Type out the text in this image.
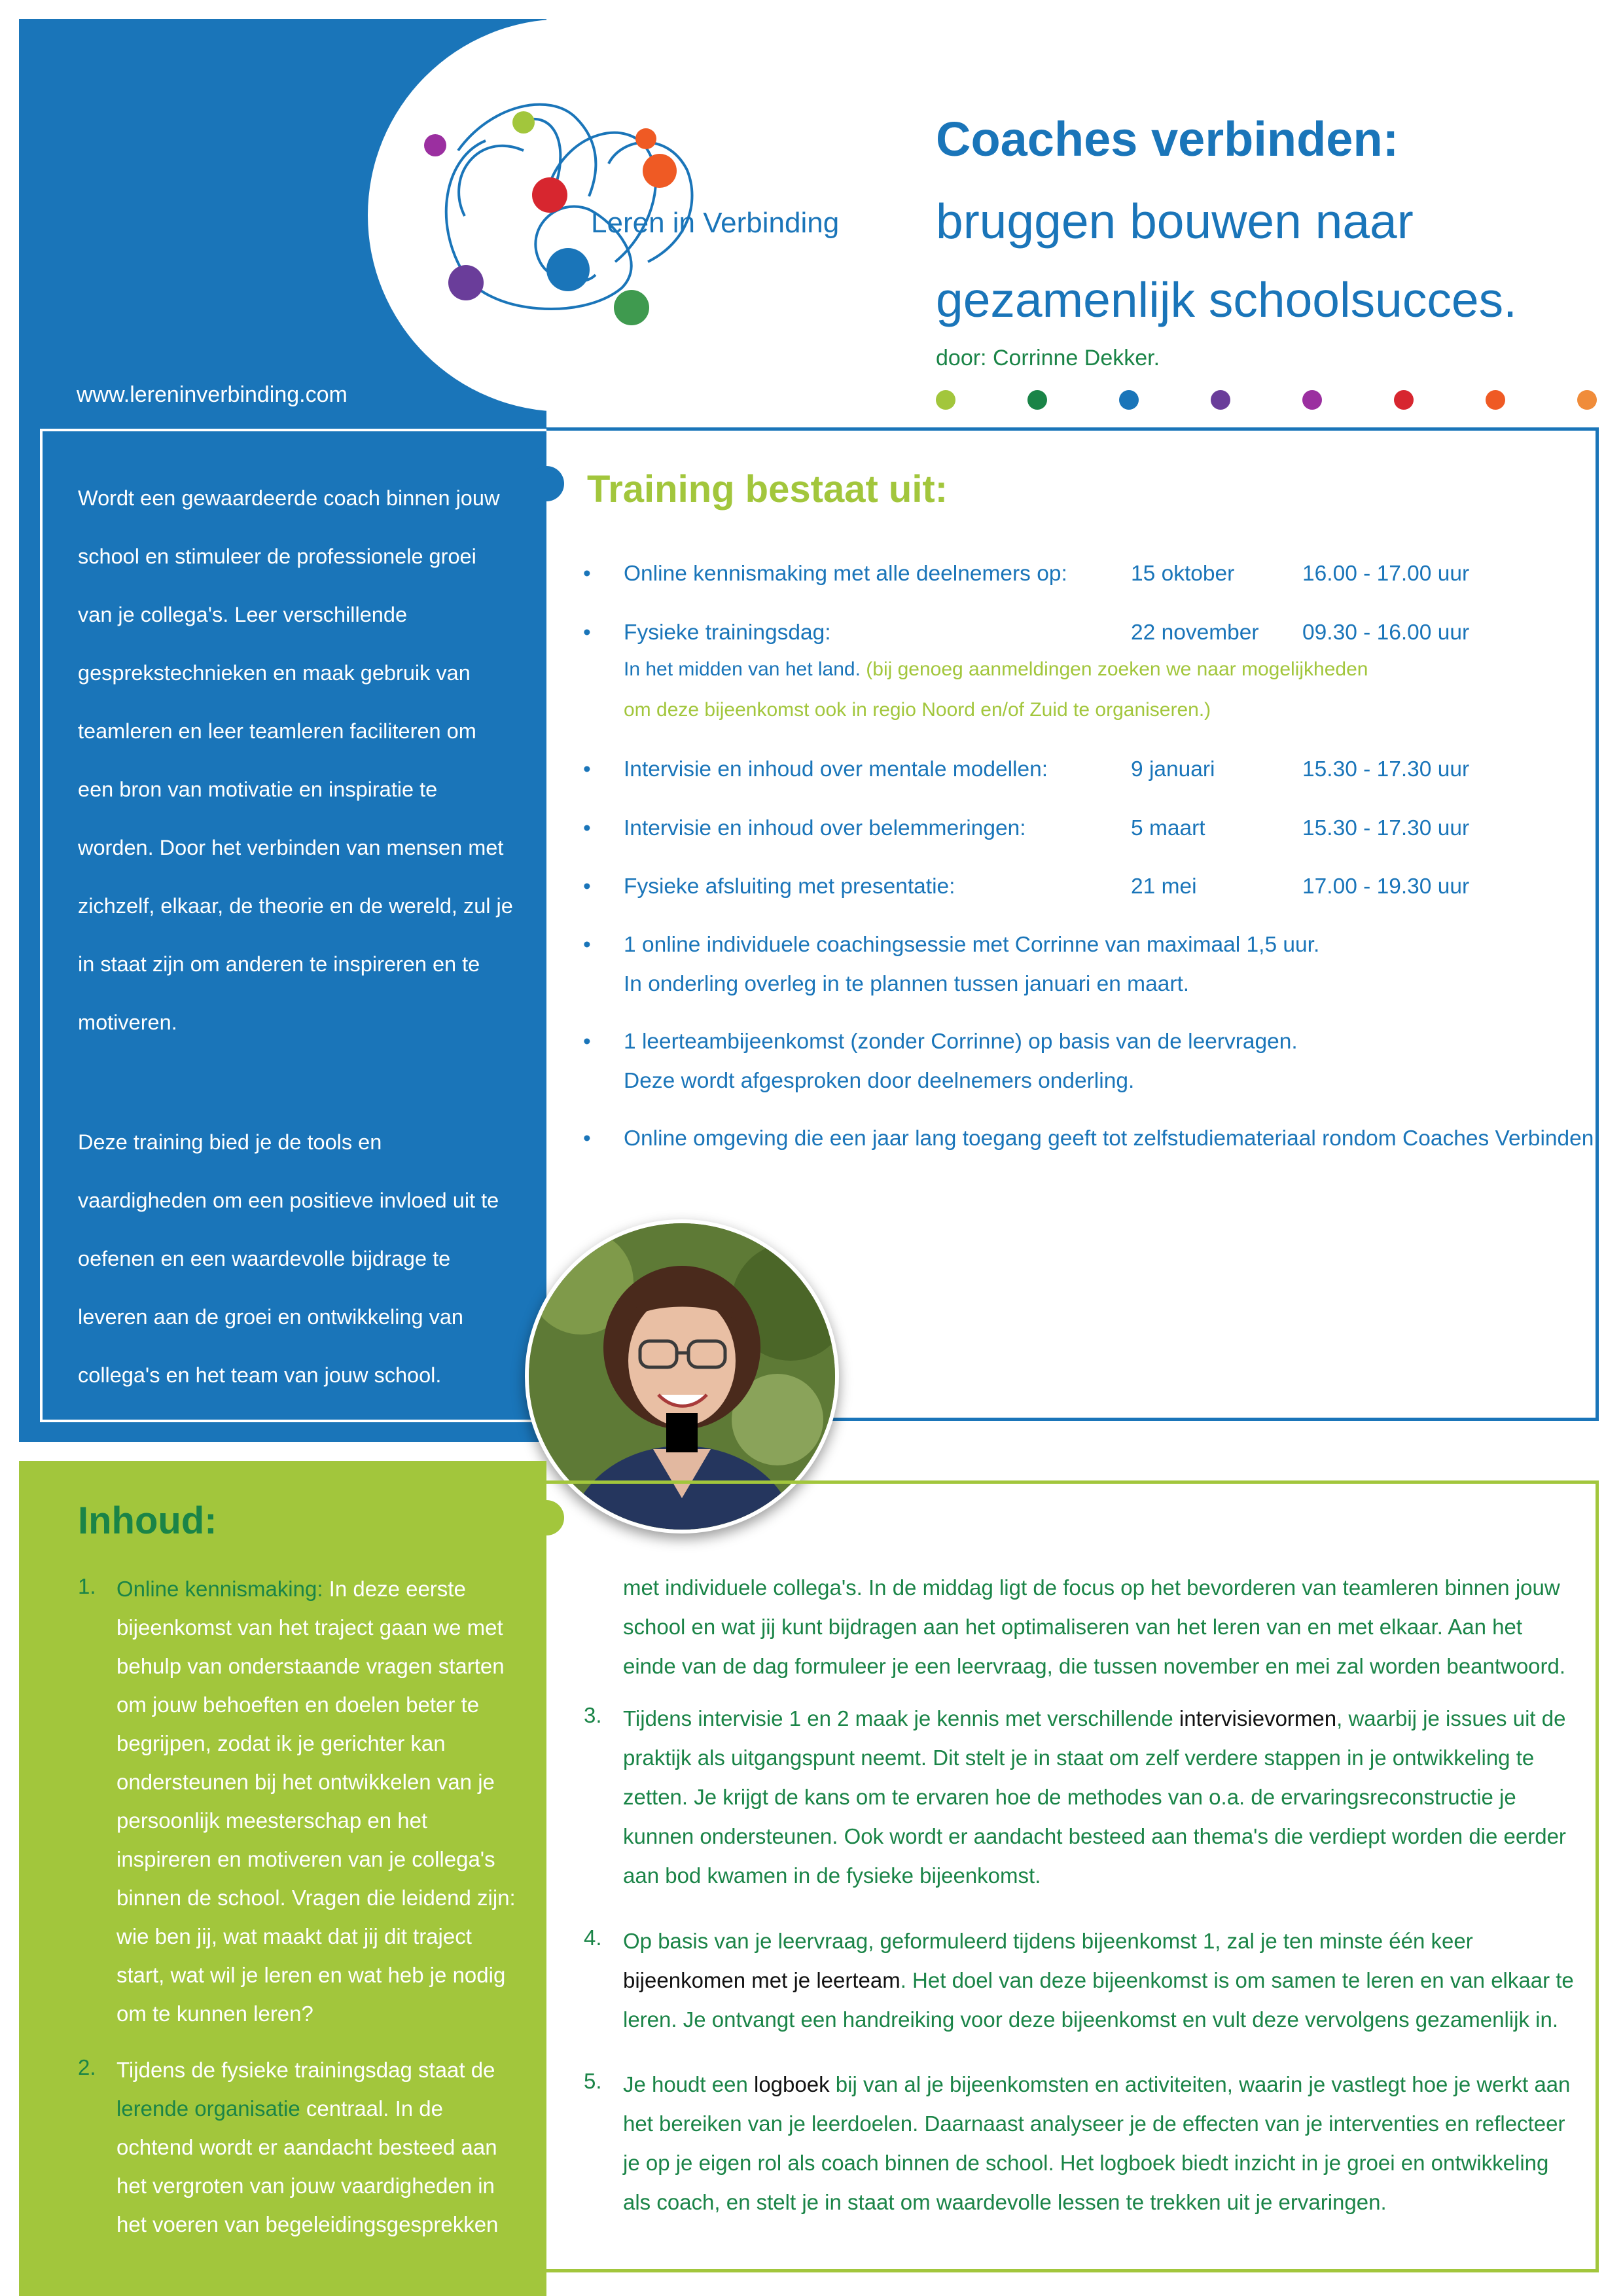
Leren in Verbinding
www.lereninverbinding.com

Wordt een gewaardeerde coach binnen jouw school en stimuleer de professionele groei van je collega's. Leer verschillende gesprekstechnieken en maak gebruik van teamleren en leer teamleren faciliteren om een bron van motivatie en inspiratie te worden. Door het verbinden van mensen met zichzelf, elkaar, de theorie en de wereld, zul je in staat zijn om anderen te inspireren en te motiveren.

Deze training bied je de tools en vaardigheden om een positieve invloed uit te oefenen en een waardevolle bijdrage te leveren aan de groei en ontwikkeling van collega's en het team van jouw school.

Coaches verbinden:
bruggen bouwen naar gezamenlijk schoolsucces.
door: Corrinne Dekker.
Training bestaat uit:
• Online kennismaking met alle deelnemers op:	15 oktober	16.00 - 17.00 uur
• Fysieke trainingsdag:	22 november 09.30 - 16.00 uur
In het midden van het land. (bij genoeg aanmeldingen zoeken we naar mogelijkheden
om deze bijeenkomst ook in regio Noord en/of Zuid te organiseren.)
• Intervisie en inhoud over mentale modellen:	9 januari	15.30 - 17.30 uur
• Intervisie en inhoud over belemmeringen:	5 maart	15.30 - 17.30 uur
• Fysieke afsluiting met presentatie:	21 mei	17.00 - 19.30 uur
• 1 online individuele coachingsessie met Corrinne van maximaal 1,5 uur.
In onderling overleg in te plannen tussen januari en maart.
• 1 leerteambijeenkomst (zonder Corrinne) op basis van de leervragen.
Deze wordt afgesproken door deelnemers onderling.
• Online omgeving die een jaar lang toegang geeft tot zelfstudiemateriaal rondom Coaches Verbinden.
Inhoud:
1. Online kennismaking: In deze eerste bijeenkomst van het traject gaan we met behulp van onderstaande vragen starten om jouw behoeften en doelen beter te begrijpen, zodat ik je gerichter kan ondersteunen bij het ontwikkelen van je persoonlijk meesterschap en het inspireren en motiveren van je collega's binnen de school. Vragen die leidend zijn: wie ben jij, wat maakt dat jij dit traject start, wat wil je leren en wat heb je nodig om te kunnen leren?

2. Tijdens de fysieke trainingsdag staat de lerende organisatie centraal. In de ochtend wordt er aandacht besteed aan het vergroten van jouw vaardigheden in het voeren van begeleidingsgesprekken

met individuele collega's. In de middag ligt de focus op het bevorderen van teamleren binnen jouw school en wat jij kunt bijdragen aan het optimaliseren van het leren van en met elkaar. Aan het einde van de dag formuleer je een leervraag, die tussen november en mei zal worden beantwoord.

3. Tijdens intervisie 1 en 2 maak je kennis met verschillende intervisievormen, waarbij je issues uit de praktijk als uitgangspunt neemt. Dit stelt je in staat om zelf verdere stappen in je ontwikkeling te zetten. Je krijgt de kans om te ervaren hoe de methodes van o.a. de ervaringsreconstructie je kunnen ondersteunen. Ook wordt er aandacht besteed aan thema's die verdiept worden die eerder aan bod kwamen in de fysieke bijeenkomst.

4. Op basis van je leervraag, geformuleerd tijdens bijeenkomst 1, zal je ten minste één keer bijeenkomen met je leerteam. Het doel van deze bijeenkomst is om samen te leren en van elkaar te leren. Je ontvangt een handreiking voor deze bijeenkomst en vult deze vervolgens gezamenlijk in.

5. Je houdt een logboek bij van al je bijeenkomsten en activiteiten, waarin je vastlegt hoe je werkt aan het bereiken van je leerdoelen. Daarnaast analyseer je de effecten van je interventies en reflecteer je op je eigen rol als coach binnen de school. Het logboek biedt inzicht in je groei en ontwikkeling als coach, en stelt je in staat om waardevolle lessen te trekken uit je ervaringen.
